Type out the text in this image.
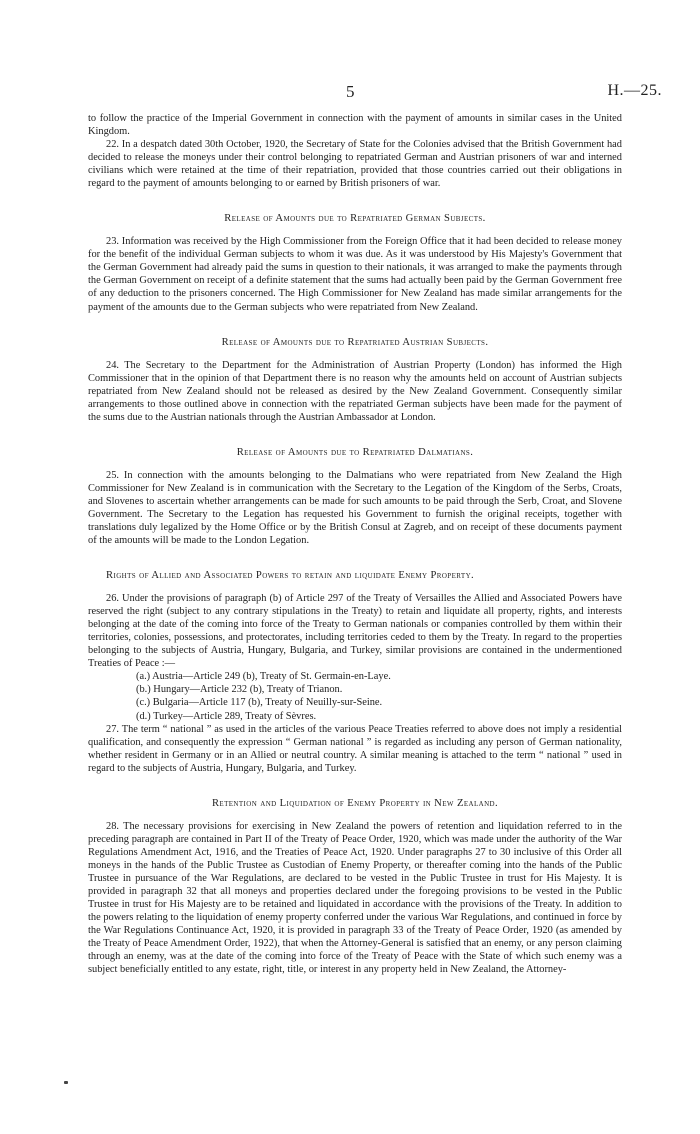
5	H.—25.

to follow the practice of the Imperial Government in connection with the payment of amounts in similar cases in the United Kingdom.

22. In a despatch dated 30th October, 1920, the Secretary of State for the Colonies advised that the British Government had decided to release the moneys under their control belonging to repatriated German and Austrian prisoners of war and interned civilians which were retained at the time of their repatriation, provided that those countries carried out their obligations in regard to the payment of amounts belonging to or earned by British prisoners of war.

Release of Amounts due to Repatriated German Subjects.

23. Information was received by the High Commissioner from the Foreign Office that it had been decided to release money for the benefit of the individual German subjects to whom it was due. As it was understood by His Majesty's Government that the German Government had already paid the sums in question to their nationals, it was arranged to make the payments through the German Government on receipt of a definite statement that the sums had actually been paid by the German Government free of any deduction to the prisoners concerned. The High Commissioner for New Zealand has made similar arrangements for the payment of the amounts due to the German subjects who were repatriated from New Zealand.

Release of Amounts due to Repatriated Austrian Subjects.

24. The Secretary to the Department for the Administration of Austrian Property (London) has informed the High Commissioner that in the opinion of that Department there is no reason why the amounts held on account of Austrian subjects repatriated from New Zealand should not be released as desired by the New Zealand Government. Consequently similar arrangements to those outlined above in connection with the repatriated German subjects have been made for the payment of the sums due to the Austrian nationals through the Austrian Ambassador at London.

Release of Amounts due to Repatriated Dalmatians.

25. In connection with the amounts belonging to the Dalmatians who were repatriated from New Zealand the High Commissioner for New Zealand is in communication with the Secretary to the Legation of the Kingdom of the Serbs, Croats, and Slovenes to ascertain whether arrangements can be made for such amounts to be paid through the Serb, Croat, and Slovene Government. The Secretary to the Legation has requested his Government to furnish the original receipts, together with translations duly legalized by the Home Office or by the British Consul at Zagreb, and on receipt of these documents payment of the amounts will be made to the London Legation.

Rights of Allied and Associated Powers to retain and liquidate Enemy Property.

26. Under the provisions of paragraph (b) of Article 297 of the Treaty of Versailles the Allied and Associated Powers have reserved the right (subject to any contrary stipulations in the Treaty) to retain and liquidate all property, rights, and interests belonging at the date of the coming into force of the Treaty to German nationals or companies controlled by them within their territories, colonies, possessions, and protectorates, including territories ceded to them by the Treaty. In regard to the properties belonging to the subjects of Austria, Hungary, Bulgaria, and Turkey, similar provisions are contained in the undermentioned Treaties of Peace :—

(a.) Austria—Article 249 (b), Treaty of St. Germain-en-Laye.
(b.) Hungary—Article 232 (b), Treaty of Trianon.
(c.) Bulgaria—Article 117 (b), Treaty of Neuilly-sur-Seine.
(d.) Turkey—Article 289, Treaty of Sèvres.

27. The term “ national ” as used in the articles of the various Peace Treaties referred to above does not imply a residential qualification, and consequently the expression “ German national ” is regarded as including any person of German nationality, whether resident in Germany or in an Allied or neutral country. A similar meaning is attached to the term “ national ” used in regard to the subjects of Austria, Hungary, Bulgaria, and Turkey.

Retention and Liquidation of Enemy Property in New Zealand.

28. The necessary provisions for exercising in New Zealand the powers of retention and liquidation referred to in the preceding paragraph are contained in Part II of the Treaty of Peace Order, 1920, which was made under the authority of the War Regulations Amendment Act, 1916, and the Treaties of Peace Act, 1920. Under paragraphs 27 to 30 inclusive of this Order all moneys in the hands of the Public Trustee as Custodian of Enemy Property, or thereafter coming into the hands of the Public Trustee in pursuance of the War Regulations, are declared to be vested in the Public Trustee in trust for His Majesty. It is provided in paragraph 32 that all moneys and properties declared under the foregoing provisions to be vested in the Public Trustee in trust for His Majesty are to be retained and liquidated in accordance with the provisions of the Treaty. In addition to the powers relating to the liquidation of enemy property conferred under the various War Regulations, and continued in force by the War Regulations Continuance Act, 1920, it is provided in paragraph 33 of the Treaty of Peace Order, 1920 (as amended by the Treaty of Peace Amendment Order, 1922), that when the Attorney-General is satisfied that an enemy, or any person claiming through an enemy, was at the date of the coming into force of the Treaty of Peace with the State of which such enemy was a subject beneficially entitled to any estate, right, title, or interest in any property held in New Zealand, the Attorney-
